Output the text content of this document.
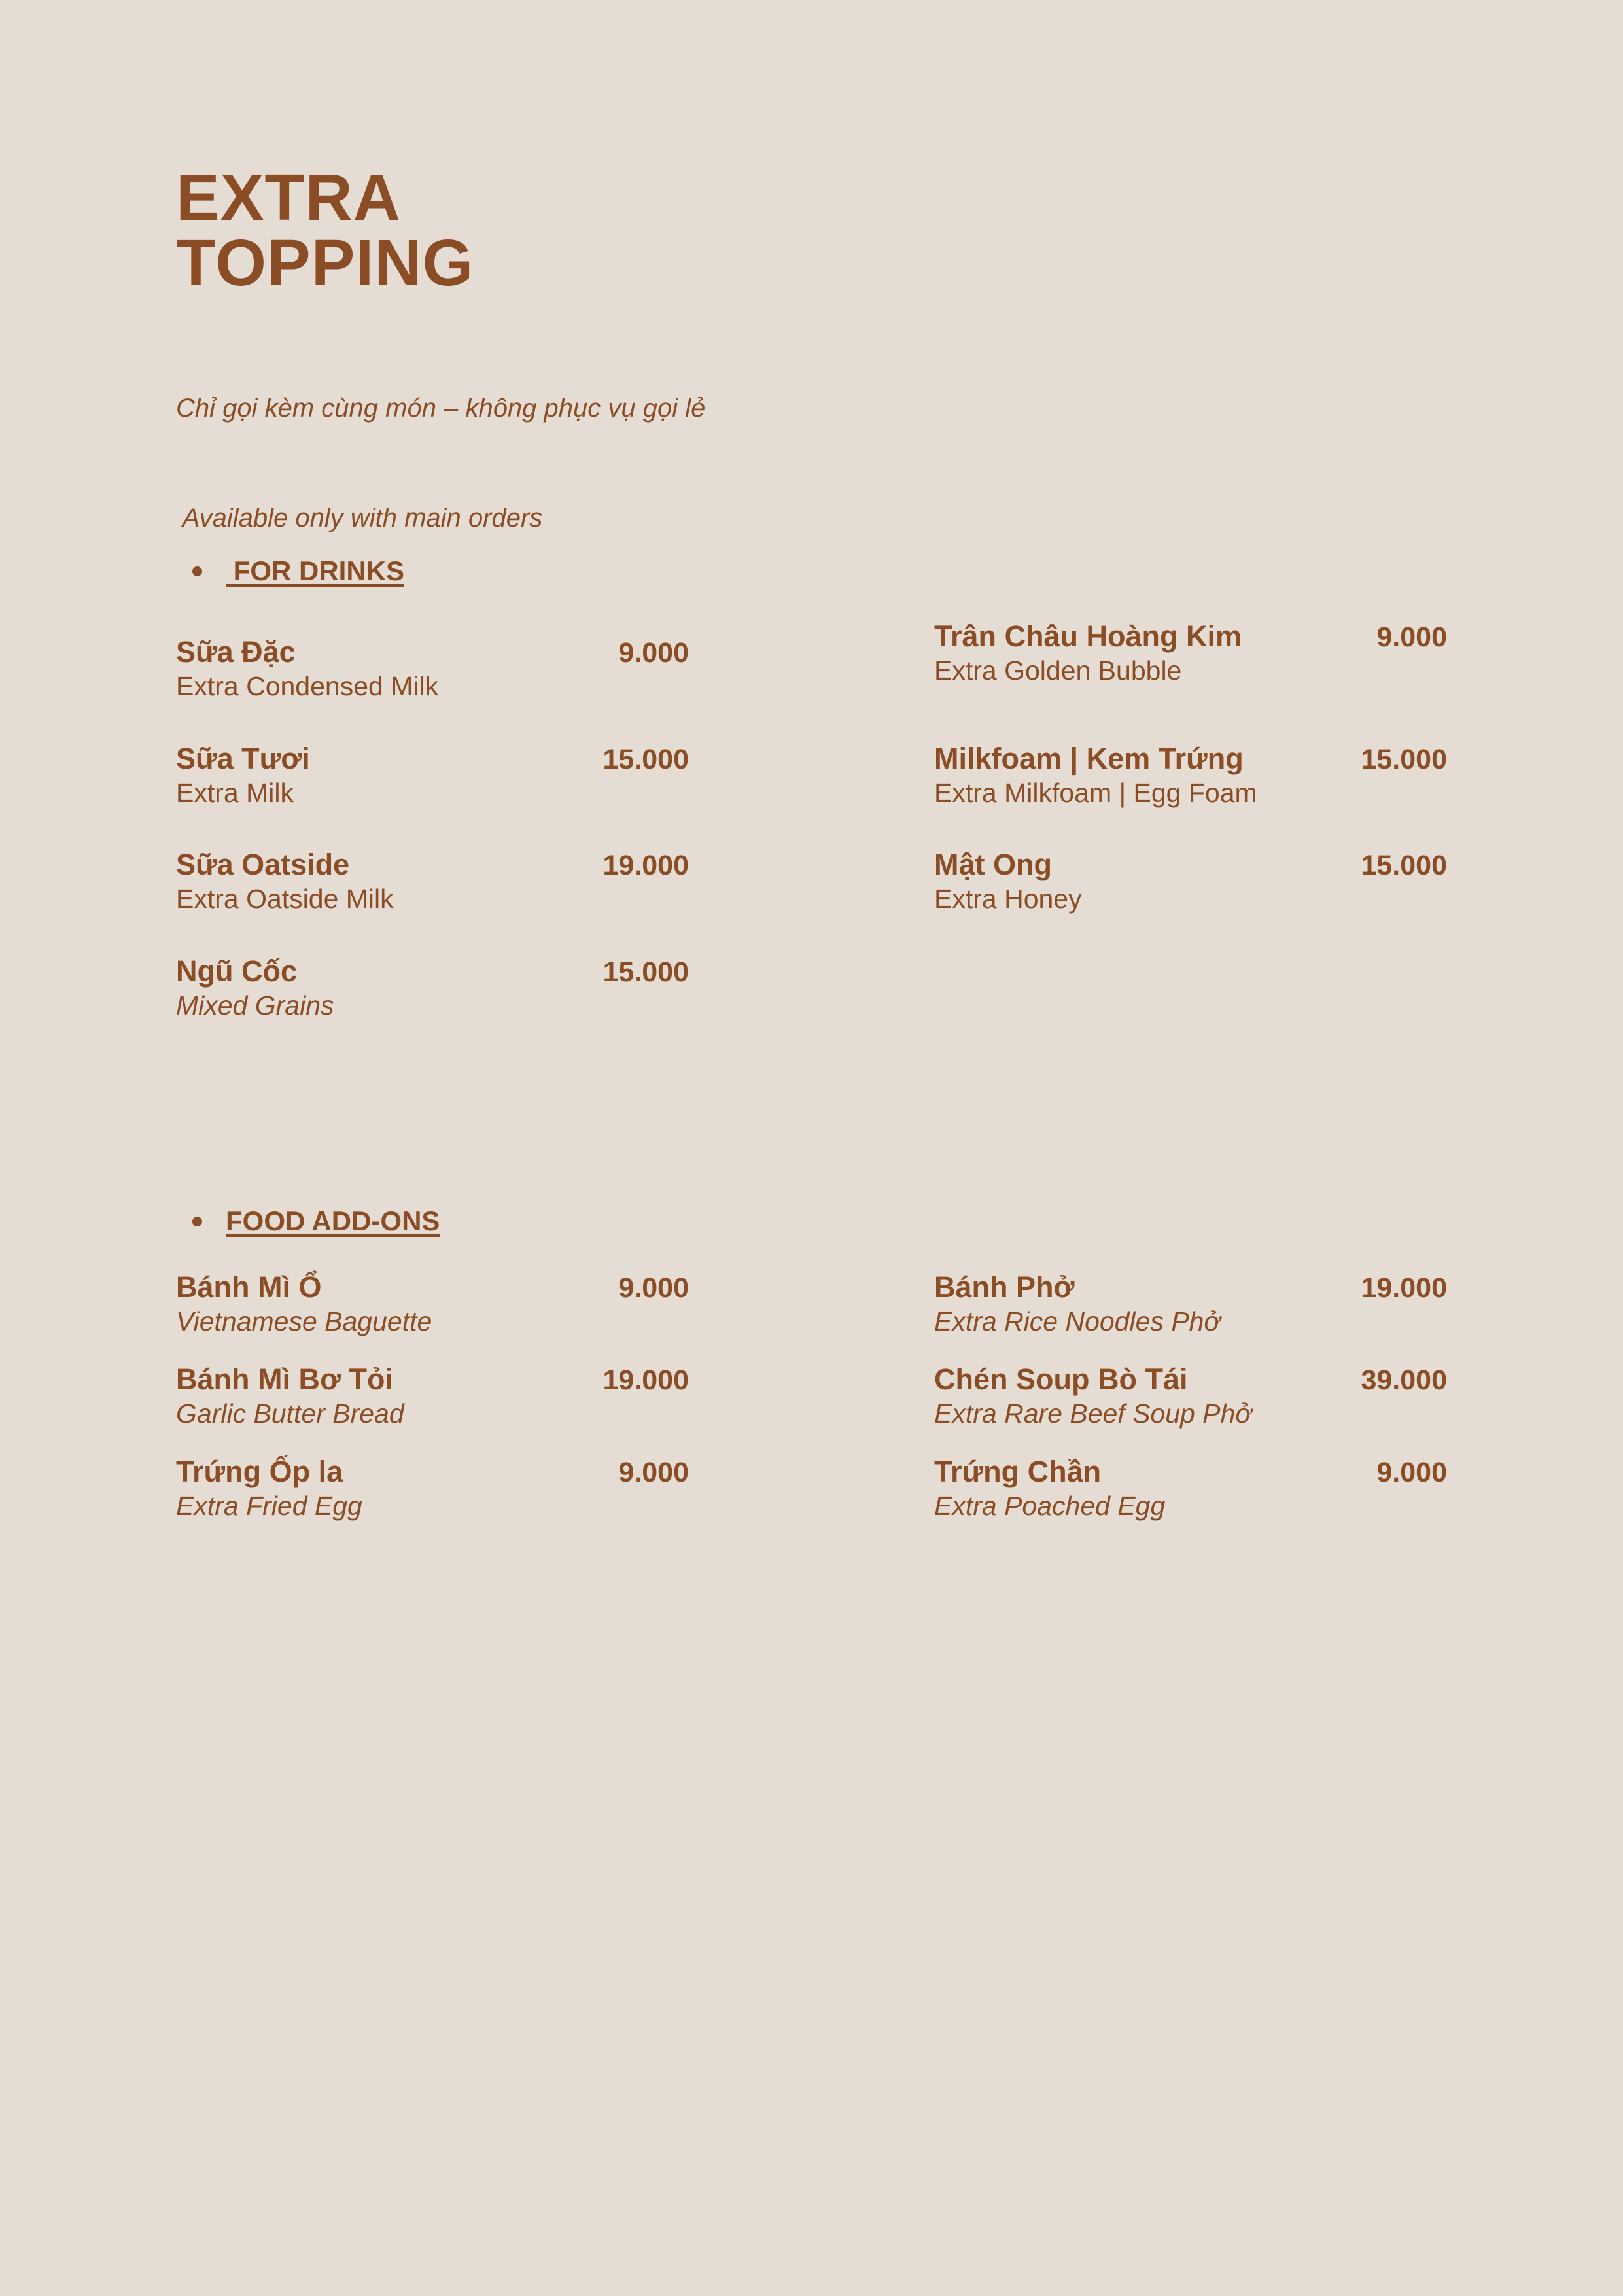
EXTRA
TOPPING

Chỉ gọi kèm cùng món – không phục vụ gọi lẻ

Available only with main orders

FOR DRINKS
Sữa Đặc	9.000
Extra Condensed Milk
Sữa Tươi	15.000
Extra Milk
Sữa Oatside	19.000
Extra Oatside Milk
Ngũ Cốc	15.000
Mixed Grains
Trân Châu Hoàng Kim	9.000
Extra Golden Bubble
Milkfoam | Kem Trứng	15.000
Extra Milkfoam | Egg Foam
Mật Ong	15.000
Extra Honey
FOOD ADD-ONS
Bánh Mì Ổ	9.000
Vietnamese Baguette
Bánh Mì Bơ Tỏi	19.000
Garlic Butter Bread
Trứng Ốp la	9.000
Extra Fried Egg
Bánh Phở	19.000
Extra Rice Noodles Phở
Chén Soup Bò Tái	39.000
Extra Rare Beef Soup Phở
Trứng Chần	9.000
Extra Poached Egg
